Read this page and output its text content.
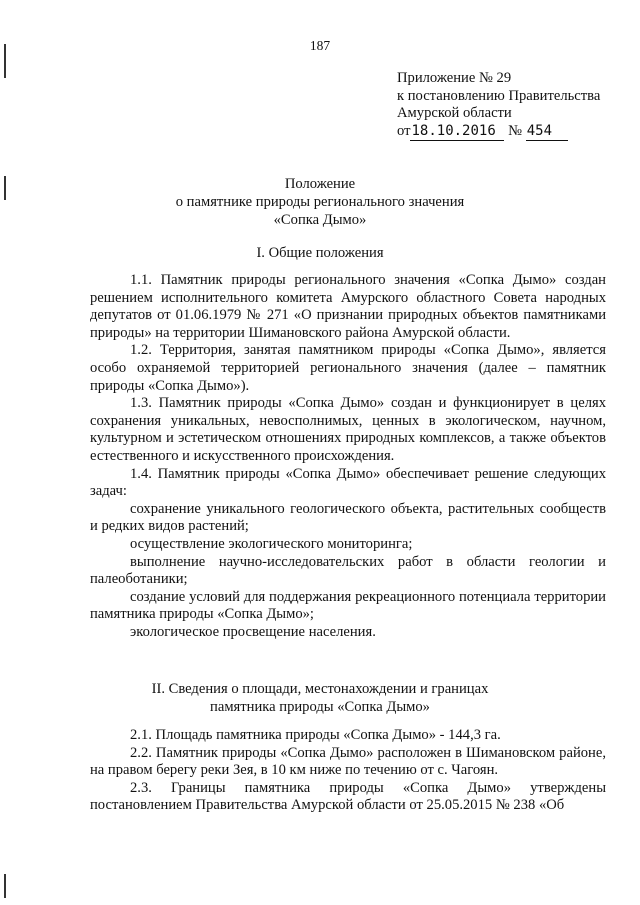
187
Приложение № 29
к постановлению Правительства
Амурской области
от18.10.2016 № 454
Положение
о памятнике природы регионального значения
«Сопка Дымо»
I. Общие положения

1.1. Памятник природы регионального значения «Сопка Дымо» создан решением исполнительного комитета Амурского областного Совета народных депутатов от 01.06.1979 № 271 «О признании природных объектов памятниками природы» на территории Шимановского района Амурской области.

1.2. Территория, занятая памятником природы «Сопка Дымо», является особо охраняемой территорией регионального значения (далее – памятник природы «Сопка Дымо»).

1.3. Памятник природы «Сопка Дымо» создан и функционирует в целях сохранения уникальных, невосполнимых, ценных в экологическом, научном, культурном и эстетическом отношениях природных комплексов, а также объектов естественного и искусственного происхождения.

1.4. Памятник природы «Сопка Дымо» обеспечивает решение следующих задач:

сохранение уникального геологического объекта, растительных сообществ и редких видов растений;

осуществление экологического мониторинга;

выполнение научно-исследовательских работ в области геологии и палеоботаники;

создание условий для поддержания рекреационного потенциала территории памятника природы «Сопка Дымо»;

экологическое просвещение населения.

II. Сведения о площади, местонахождении и границах
памятника природы «Сопка Дымо»

2.1. Площадь памятника природы «Сопка Дымо» - 144,3 га.

2.2. Памятник природы «Сопка Дымо» расположен в Шимановском районе, на правом берегу реки Зея, в 10 км ниже по течению от с. Чагоян.

2.3. Границы памятника природы «Сопка Дымо» утверждены постановлением Правительства Амурской области от 25.05.2015 № 238 «Об
